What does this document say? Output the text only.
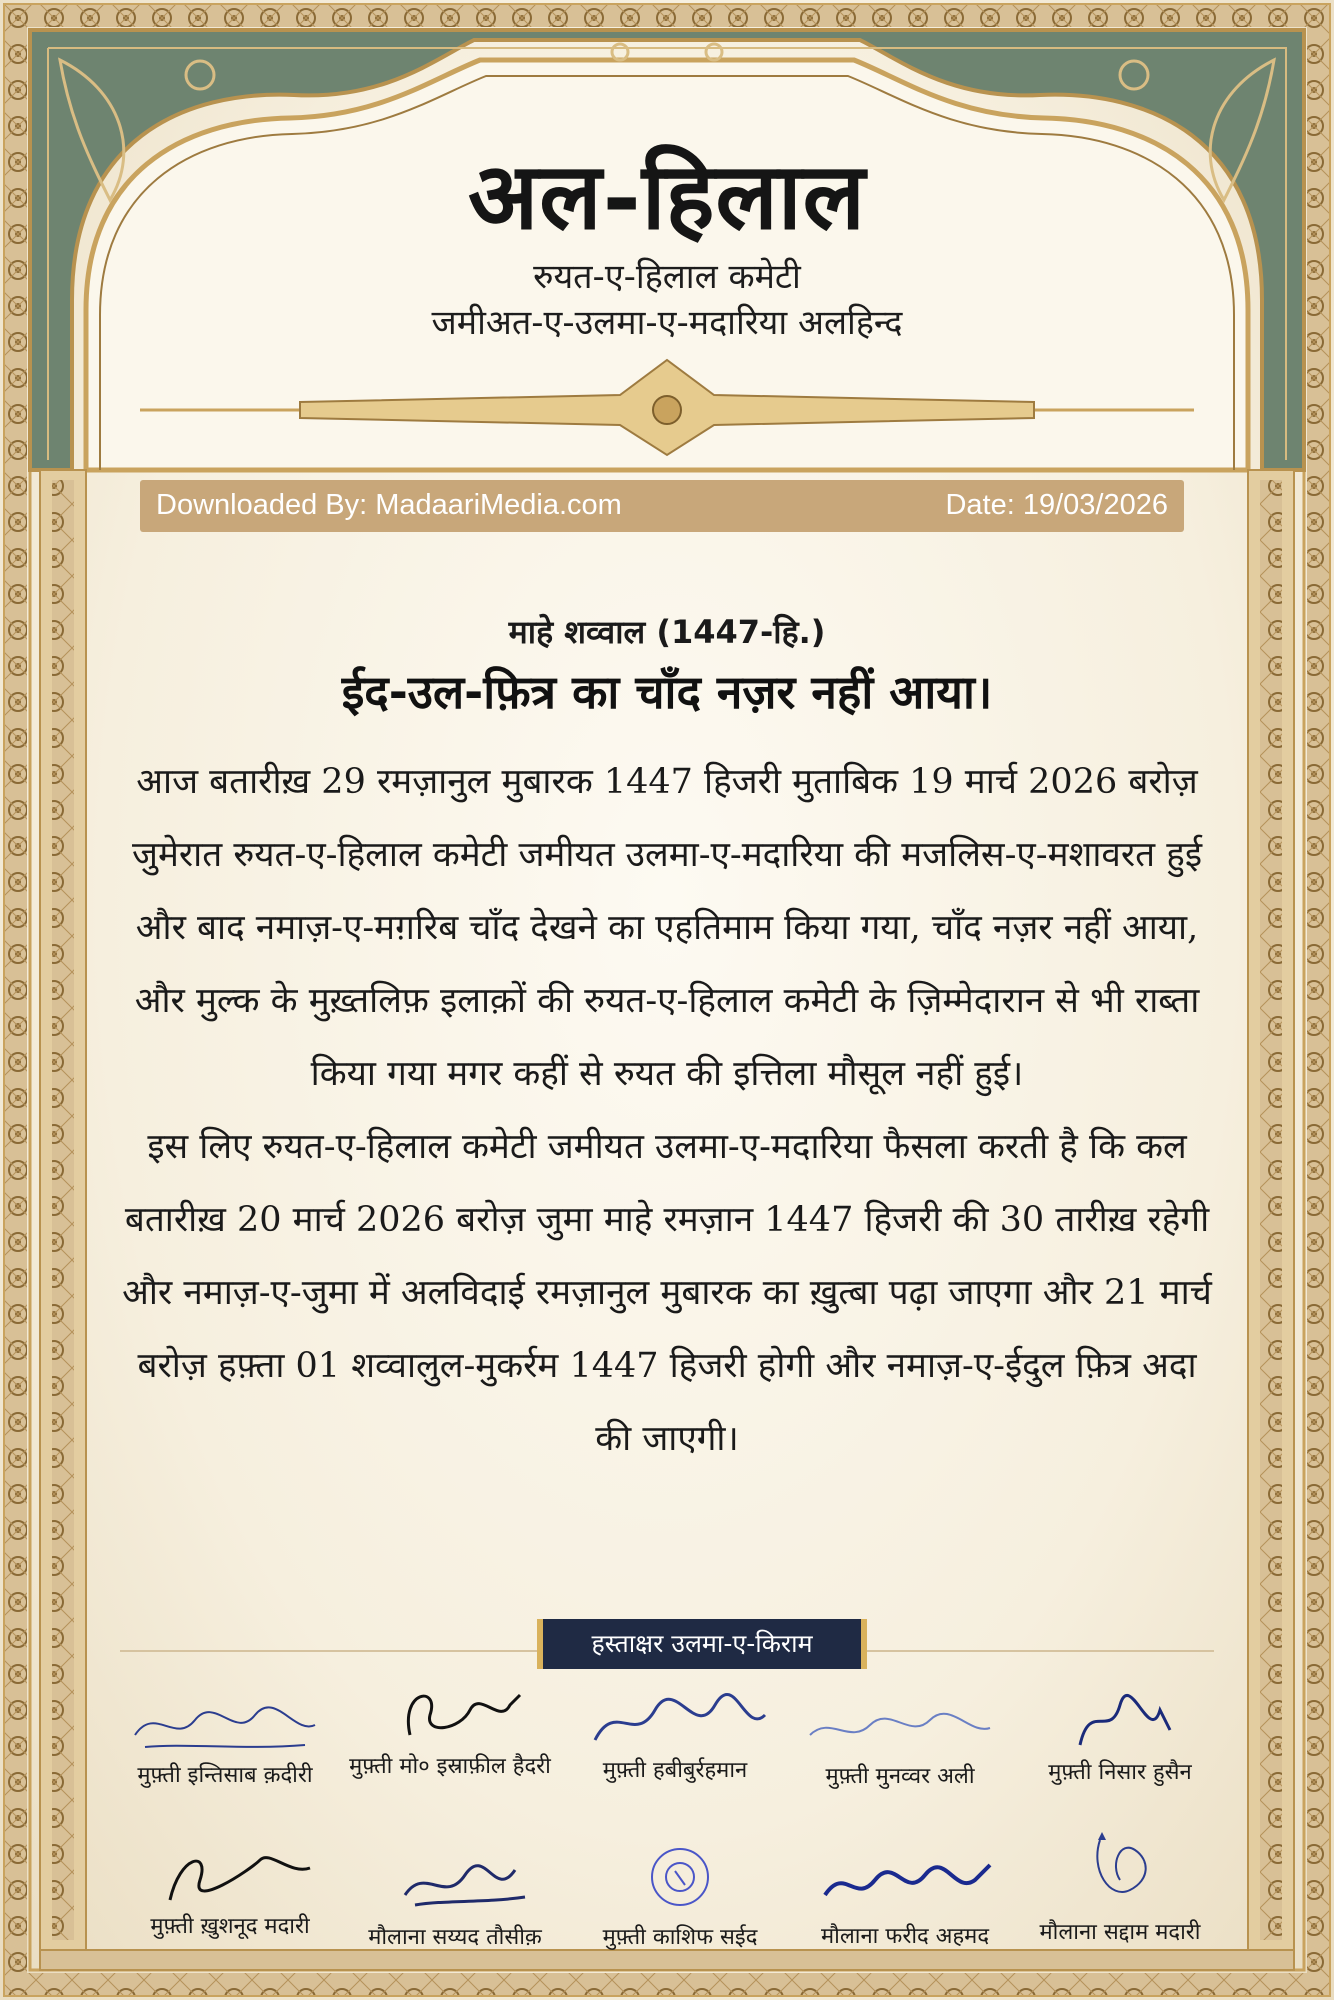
अल-हिलाल
रुयत-ए-हिलाल कमेटी
जमीअत-ए-उलमा-ए-मदारिया अलहिन्द
Downloaded By: MadaariMedia.com	Date: 19/03/2026
माहे शव्वाल (1447-हि.)
ईद-उल-फ़ित्र का चाँद नज़र नहीं आया।

आज बतारीख़ 29 रमज़ानुल मुबारक 1447 हिजरी मुताबिक 19 मार्च 2026 बरोज़ जुमेरात रुयत-ए-हिलाल कमेटी जमीयत उलमा-ए-मदारिया की मजलिस-ए-मशावरत हुई और बाद नमाज़-ए-मग़रिब चाँद देखने का एहतिमाम किया गया, चाँद नज़र नहीं आया, और मुल्क के मुख़्तलिफ़ इलाक़ों की रुयत-ए-हिलाल कमेटी के ज़िम्मेदारान से भी राब्ता किया गया मगर कहीं से रुयत की इत्तिला मौसूल नहीं हुई।

इस लिए रुयत-ए-हिलाल कमेटी जमीयत उलमा-ए-मदारिया फैसला करती है कि कल बतारीख़ 20 मार्च 2026 बरोज़ जुमा माहे रमज़ान 1447 हिजरी की 30 तारीख़ रहेगी और नमाज़-ए-जुमा में अलविदाई रमज़ानुल मुबारक का ख़ुत्बा पढ़ा जाएगा और 21 मार्च बरोज़ हफ़्ता 01 शव्वालुल-मुकर्रम 1447 हिजरी होगी और नमाज़-ए-ईदुल फ़ित्र अदा की जाएगी।

हस्ताक्षर उलमा-ए-किराम
मुफ़्ती इन्तिसाब क़दीरी	मुफ़्ती मो० इस्राफ़ील हैदरी	मुफ़्ती हबीबुर्रहमान	मुफ़्ती मुनव्वर अली	मुफ़्ती निसार हुसैन
मुफ़्ती ख़ुशनूद मदारी	मौलाना सय्यद तौसीक़	मुफ़्ती काशिफ सईद	मौलाना फरीद अहमद	मौलाना सद्दाम मदारी
